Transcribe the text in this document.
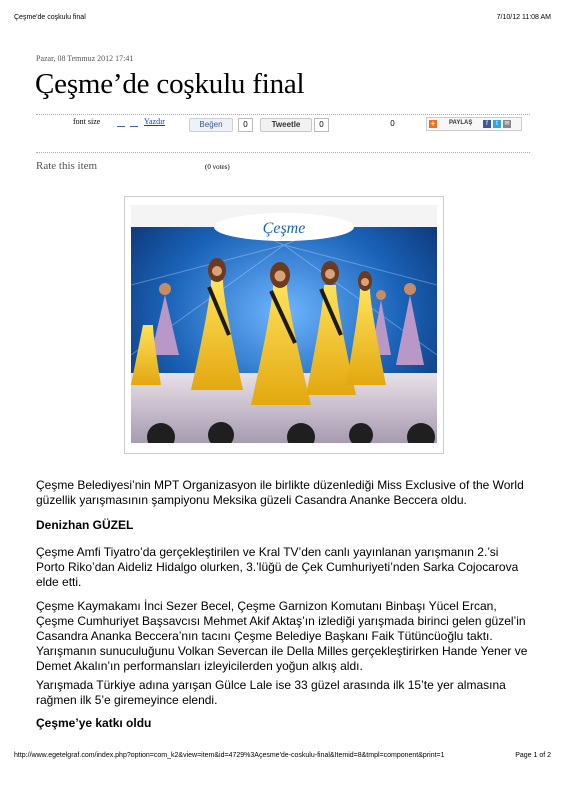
Çeşme'de coşkulu final	7/10/12 11:08 AM
Pazar, 08 Temmuz 2012 17:41
Çeşme’de coşkulu final
font size	Yazdır	Beğen	0	Tweetle	0	0	+ PAYLAŞ	f	t	✉
Rate this item	(0 votes)
Çeşme

Çeşme Belediyesi’nin MPT Organizasyon ile birlikte düzenlediği Miss Exclusive of the World güzellik yarışmasının şampiyonu Meksika güzeli Casandra Ananke Beccera oldu.

Denizhan GÜZEL

Çeşme Amfi Tiyatro’da gerçekleştirilen ve Kral TV’den canlı yayınlanan yarışmanın 2.’si Porto Riko’dan Aideliz Hidalgo olurken, 3.’lüğü de Çek Cumhuriyeti’nden Sarka Cojocarova elde etti.

Çeşme Kaymakamı İnci Sezer Becel, Çeşme Garnizon Komutanı Binbaşı Yücel Ercan, Çeşme Cumhuriyet Başsavcısı Mehmet Akif Aktaş’ın izlediği yarışmada birinci gelen güzel’in Casandra Ananka Beccera’nın tacını Çeşme Belediye Başkanı Faik Tütüncüoğlu taktı. Yarışmanın sunuculuğunu Volkan Severcan ile Della Milles gerçekleştirirken Hande Yener ve Demet Akalın’ın performansları izleyicilerden yoğun alkış aldı.

Yarışmada Türkiye adına yarışan Gülce Lale ise 33 güzel arasında ilk 15’te yer almasına rağmen ilk 5’e giremeyince elendi.

Çeşme’ye katkı oldu

http://www.egetelgraf.com/index.php?option=com_k2&view=item&id=4729%3Açesme'de-coskulu-final&Itemid=8&tmpl=component&print=1	Page 1 of 2
